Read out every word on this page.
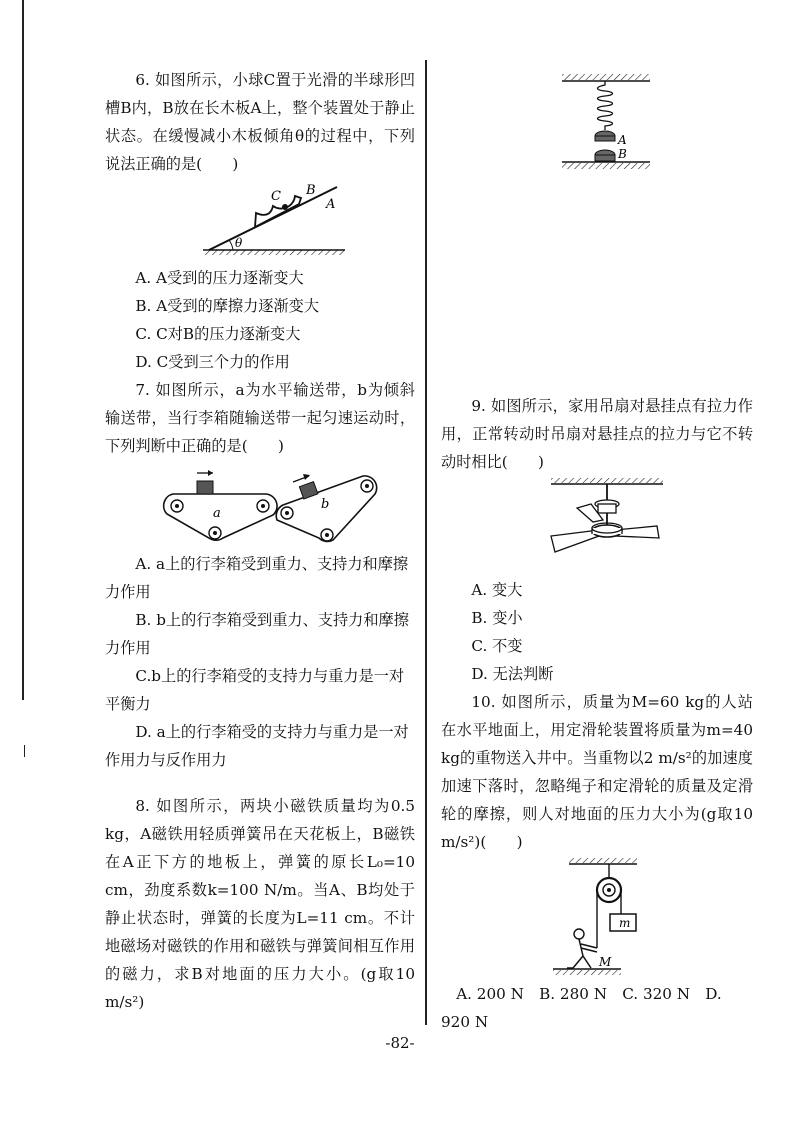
6. 如图所示，小球C置于光滑的半球形凹槽B内，B放在长木板A上，整个装置处于静止状态。在缓慢减小木板倾角θ的过程中，下列说法正确的是(　　)

C B
A
θ

A. A受到的压力逐渐变大

B. A受到的摩擦力逐渐变大

C. C对B的压力逐渐变大

D. C受到三个力的作用

7. 如图所示，a为水平输送带，b为倾斜输送带，当行李箱随输送带一起匀速运动时，下列判断中正确的是(　　)

a
b

A. a上的行李箱受到重力、支持力和摩擦力作用

B. b上的行李箱受到重力、支持力和摩擦力作用

C.b上的行李箱受的支持力与重力是一对平衡力

D. a上的行李箱受的支持力与重力是一对作用力与反作用力

8. 如图所示，两块小磁铁质量均为0.5 kg，A磁铁用轻质弹簧吊在天花板上，B磁铁在A正下方的地板上，弹簧的原长L₀=10 cm，劲度系数k=100 N/m。当A、B均处于静止状态时，弹簧的长度为L=11 cm。不计地磁场对磁铁的作用和磁铁与弹簧间相互作用的磁力，求B对地面的压力大小。(g取10 m/s²)

A
B

9. 如图所示，家用吊扇对悬挂点有拉力作用，正常转动时吊扇对悬挂点的拉力与它不转动时相比(　　)

A. 变大

B. 变小

C. 不变

D. 无法判断

10. 如图所示，质量为M=60 kg的人站在水平地面上，用定滑轮装置将质量为m=40 kg的重物送入井中。当重物以2 m/s²的加速度加速下落时，忽略绳子和定滑轮的质量及定滑轮的摩擦，则人对地面的压力大小为(g取10 m/s²)(　　)

m
M

A. 200 N　B. 280 N　C. 320 N　D. 920 N

-82-
